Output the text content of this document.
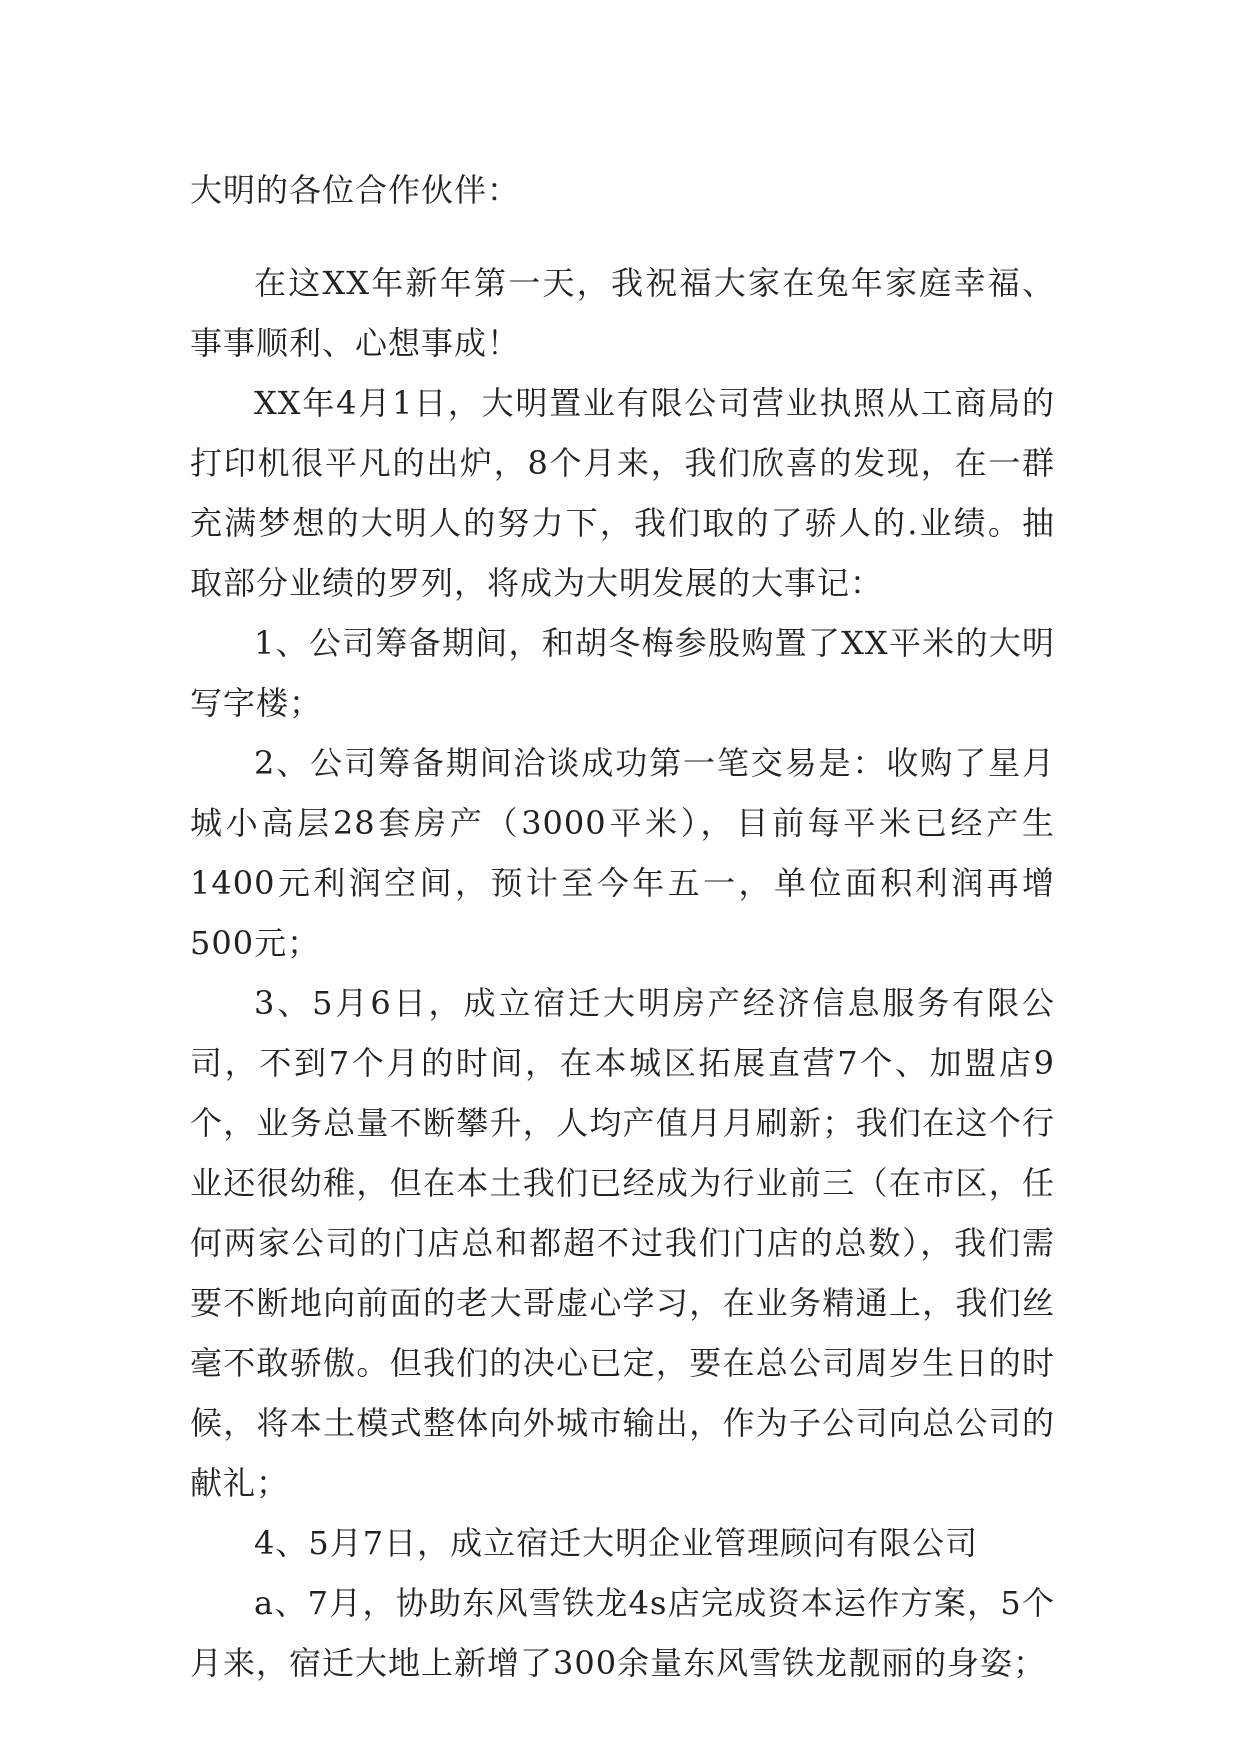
大明的各位合作伙伴：

在这XX年新年第一天，我祝福大家在兔年家庭幸福、事事顺利、心想事成！

XX年4月1日，大明置业有限公司营业执照从工商局的打印机很平凡的出炉，8个月来，我们欣喜的发现，在一群充满梦想的大明人的努力下，我们取的了骄人的.业绩。抽取部分业绩的罗列，将成为大明发展的大事记：

1、公司筹备期间，和胡冬梅参股购置了XX平米的大明写字楼；

2、公司筹备期间洽谈成功第一笔交易是：收购了星月城小高层28套房产（3000平米），目前每平米已经产生1400元利润空间，预计至今年五一，单位面积利润再增500元；

3、5月6日，成立宿迁大明房产经济信息服务有限公司，不到7个月的时间，在本城区拓展直营7个、加盟店9个，业务总量不断攀升，人均产值月月刷新；我们在这个行业还很幼稚，但在本土我们已经成为行业前三（在市区，任何两家公司的门店总和都超不过我们门店的总数），我们需要不断地向前面的老大哥虚心学习，在业务精通上，我们丝毫不敢骄傲。但我们的决心已定，要在总公司周岁生日的时候，将本土模式整体向外城市输出，作为子公司向总公司的献礼；

4、5月7日，成立宿迁大明企业管理顾问有限公司

a、7月，协助东风雪铁龙4s店完成资本运作方案，5个月来，宿迁大地上新增了300余量东风雪铁龙靓丽的身姿；
